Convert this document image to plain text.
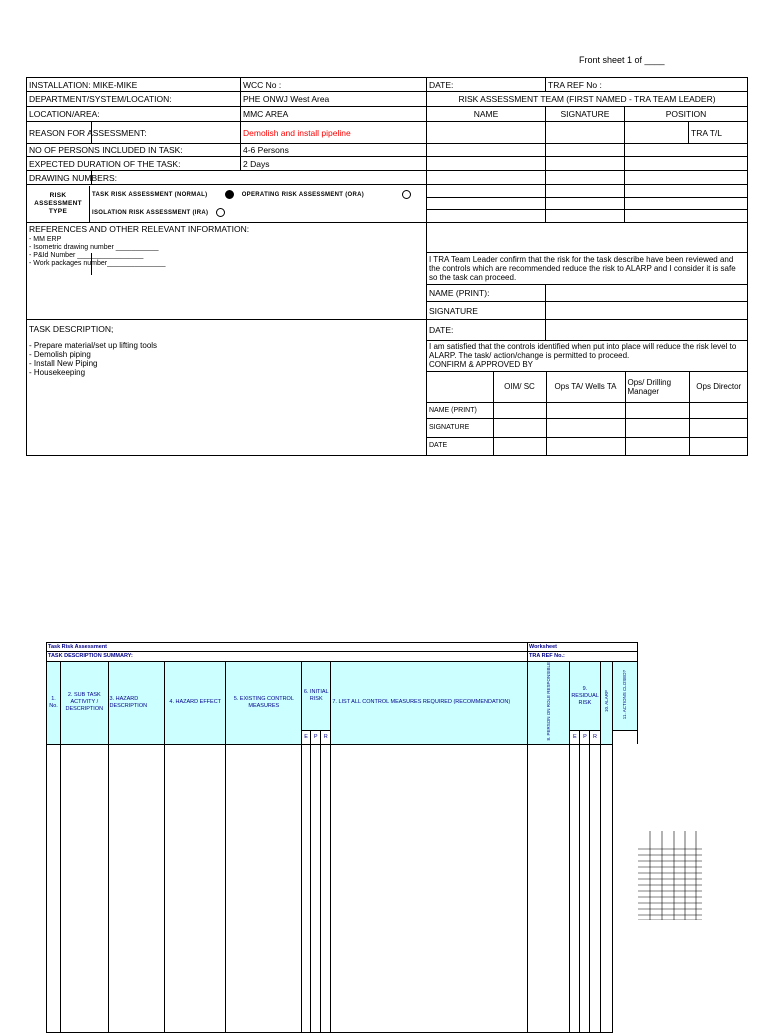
Front sheet 1 of ____
INSTALLATION: MIKE-MIKE	WCC No :	DATE:	TRA REF No :
DEPARTMENT/SYSTEM/LOCATION:	PHE ONWJ West Area	RISK ASSESSMENT TEAM (FIRST NAMED - TRA TEAM LEADER)
LOCATION/AREA:	MMC AREA	NAME	SIGNATURE	POSITION
REASON FOR ASSESSMENT:	Demolish and install pipeline				TRA T/L
NO OF PERSONS INCLUDED IN TASK:	4-6 Persons			
EXPECTED DURATION OF THE TASK:	2 Days			
DRAWING NUMBERS:

RISK ASSESSMENT TYPE	TASK RISK ASSESSMENT (NORMAL)	OPERATING RISK ASSESSMENT (ORA)
ISOLATION RISK ASSESSMENT (IRA)

REFERENCES AND OTHER RELEVANT INFORMATION:
- MM ERP
- Isometric drawing number ___________
- P&Id Number _________________
- Work packages number_______________

I TRA Team Leader confirm that the risk for the task describe have been reviewed and the controls which are recommended reduce the risk to ALARP and I consider it is safe so the task can proceed.
NAME (PRINT):	
SIGNATURE	

TASK DESCRIPTION;
- Prepare material/set up lifting tools
- Demolish piping
- Install New Piping
- Housekeeping
	DATE:	
I am satisfied that the controls identified when put into place will reduce the risk level to ALARP. The task/ action/change is permitted to proceed.
CONFIRM & APPROVED BY

	OIM/ SC	Ops TA/ Wells TA	Ops/ Drilling Manager	Ops Director
NAME (PRINT)				
SIGNATURE				
DATE				
Task Risk Assessment									Worksheet					
TASK DESCRIPTION SUMMARY:									TRA REF No.:					
1. No.	2. SUB TASK ACTIVITY / DESCRIPTION	3. HAZARD DESCRIPTION	4. HAZARD EFFECT	5. EXISTING CONTROL MEASURES	6. INITIAL RISK			7. LIST ALL CONTROL MEASURES REQUIRED (RECOMMENDATION)	8. PERSON ON ROLE RESPONSIBLE	9. RESIDUAL RISK			10. ALARP	11. ACTIONS CLOSED?
					E	P	R			E	P	R		
